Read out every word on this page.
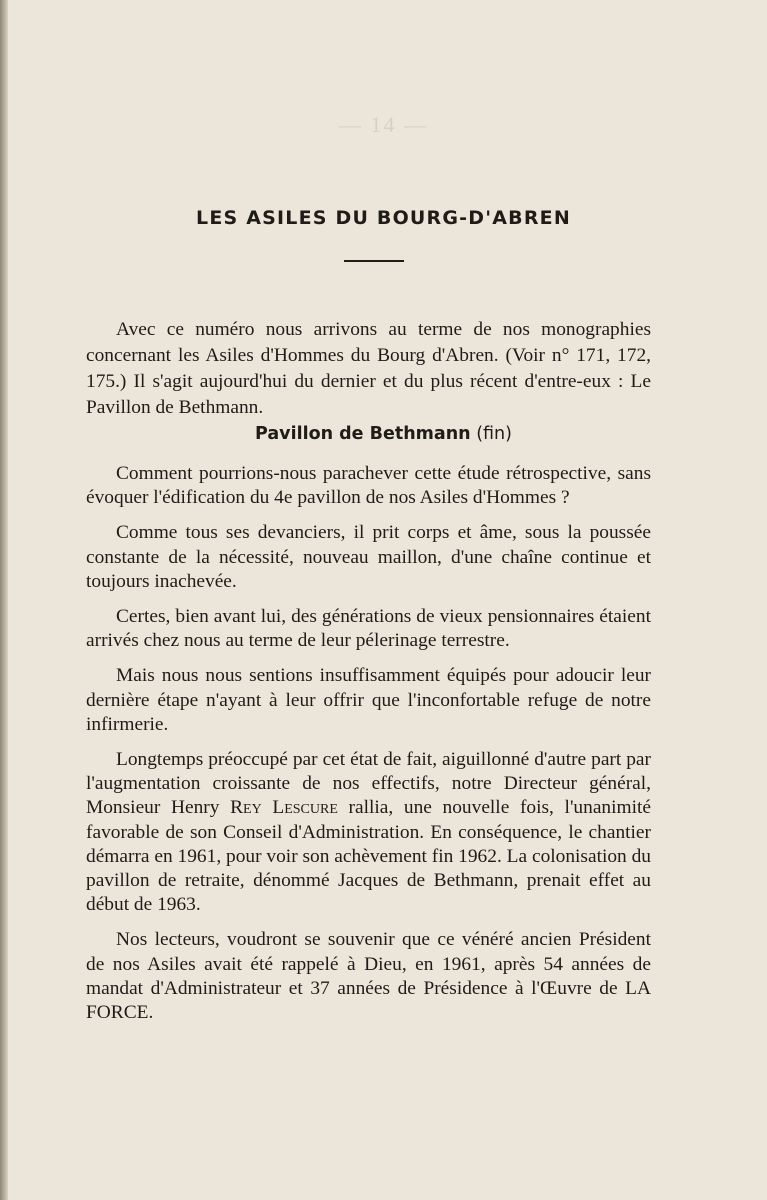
— 14 —
LES ASILES DU BOURG-D'ABREN

Avec ce numéro nous arrivons au terme de nos monographies concernant les Asiles d'Hommes du Bourg d'Abren. (Voir n° 171, 172, 175.) Il s'agit aujourd'hui du dernier et du plus récent d'entre-eux : Le Pavillon de Bethmann.

Pavillon de Bethmann (fin)

Comment pourrions-nous parachever cette étude rétrospective, sans évoquer l'édification du 4e pavillon de nos Asiles d'Hommes ?

Comme tous ses devanciers, il prit corps et âme, sous la poussée constante de la nécessité, nouveau maillon, d'une chaîne continue et toujours inachevée.

Certes, bien avant lui, des générations de vieux pensionnaires étaient arrivés chez nous au terme de leur pélerinage terrestre.

Mais nous nous sentions insuffisamment équipés pour adoucir leur dernière étape n'ayant à leur offrir que l'inconfortable refuge de notre infirmerie.

Longtemps préoccupé par cet état de fait, aiguillonné d'autre part par l'augmentation croissante de nos effectifs, notre Directeur général, Monsieur Henry Rey Lescure rallia, une nouvelle fois, l'unanimité favorable de son Conseil d'Administration. En conséquence, le chantier démarra en 1961, pour voir son achèvement fin 1962. La colonisation du pavillon de retraite, dénommé Jacques de Bethmann, prenait effet au début de 1963.

Nos lecteurs, voudront se souvenir que ce vénéré ancien Président de nos Asiles avait été rappelé à Dieu, en 1961, après 54 années de mandat d'Administrateur et 37 années de Présidence à l'Œuvre de LA FORCE.
